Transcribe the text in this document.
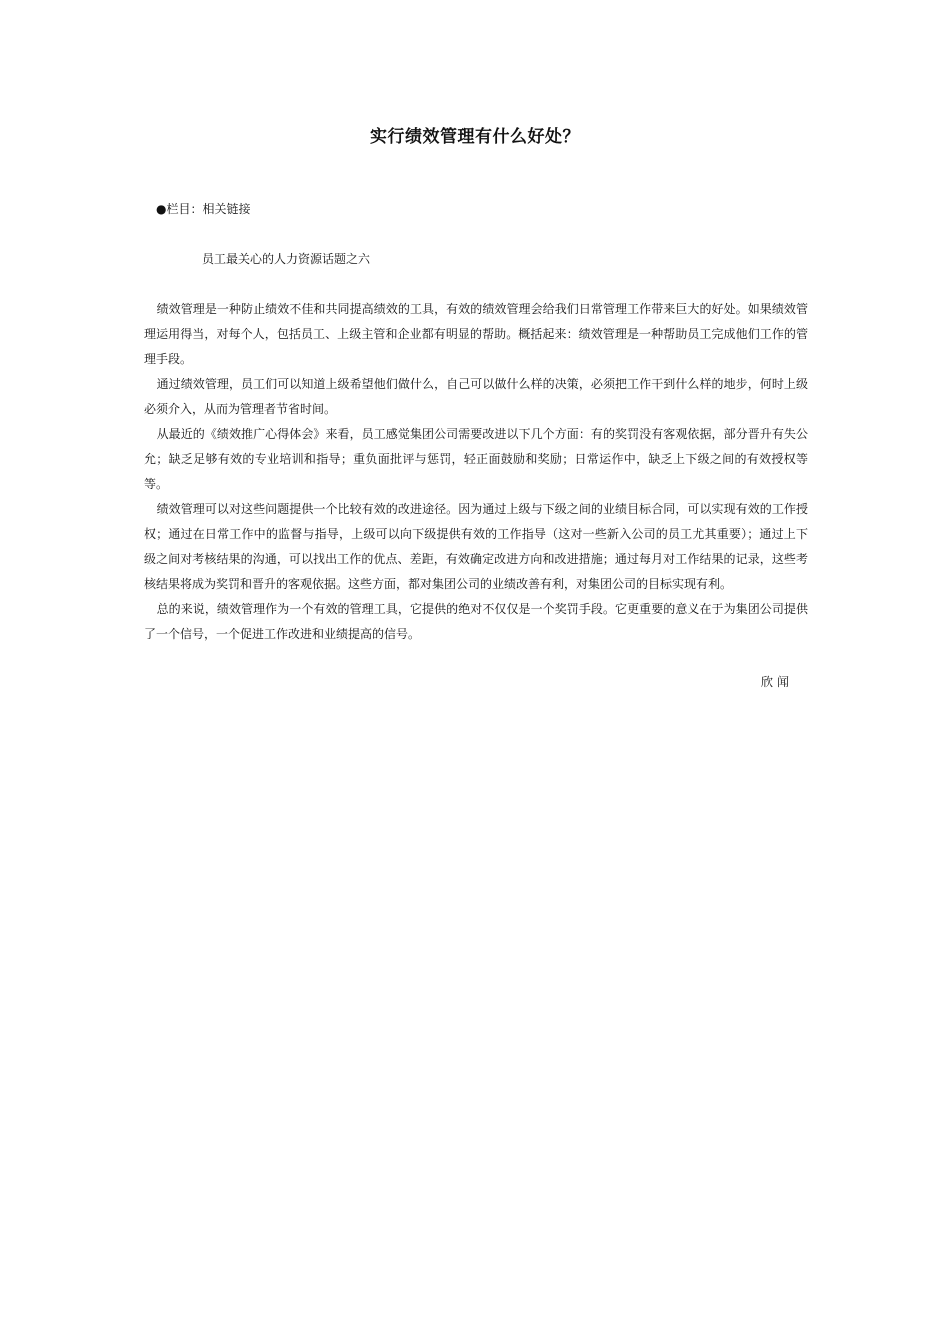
实行绩效管理有什么好处？
●栏目：相关链接
员工最关心的人力资源话题之六

绩效管理是一种防止绩效不佳和共同提高绩效的工具，有效的绩效管理会给我们日常管理工作带来巨大的好处。如果绩效管理运用得当，对每个人，包括员工、上级主管和企业都有明显的帮助。概括起来：绩效管理是一种帮助员工完成他们工作的管理手段。

通过绩效管理，员工们可以知道上级希望他们做什么，自己可以做什么样的决策，必须把工作干到什么样的地步，何时上级必须介入，从而为管理者节省时间。

从最近的《绩效推广心得体会》来看，员工感觉集团公司需要改进以下几个方面：有的奖罚没有客观依据，部分晋升有失公允；缺乏足够有效的专业培训和指导；重负面批评与惩罚，轻正面鼓励和奖励；日常运作中，缺乏上下级之间的有效授权等等。

绩效管理可以对这些问题提供一个比较有效的改进途径。因为通过上级与下级之间的业绩目标合同，可以实现有效的工作授权；通过在日常工作中的监督与指导，上级可以向下级提供有效的工作指导（这对一些新入公司的员工尤其重要）；通过上下级之间对考核结果的沟通，可以找出工作的优点、差距，有效确定改进方向和改进措施；通过每月对工作结果的记录，这些考核结果将成为奖罚和晋升的客观依据。这些方面，都对集团公司的业绩改善有利，对集团公司的目标实现有利。

总的来说，绩效管理作为一个有效的管理工具，它提供的绝对不仅仅是一个奖罚手段。它更重要的意义在于为集团公司提供了一个信号，一个促进工作改进和业绩提高的信号。

欣闻
